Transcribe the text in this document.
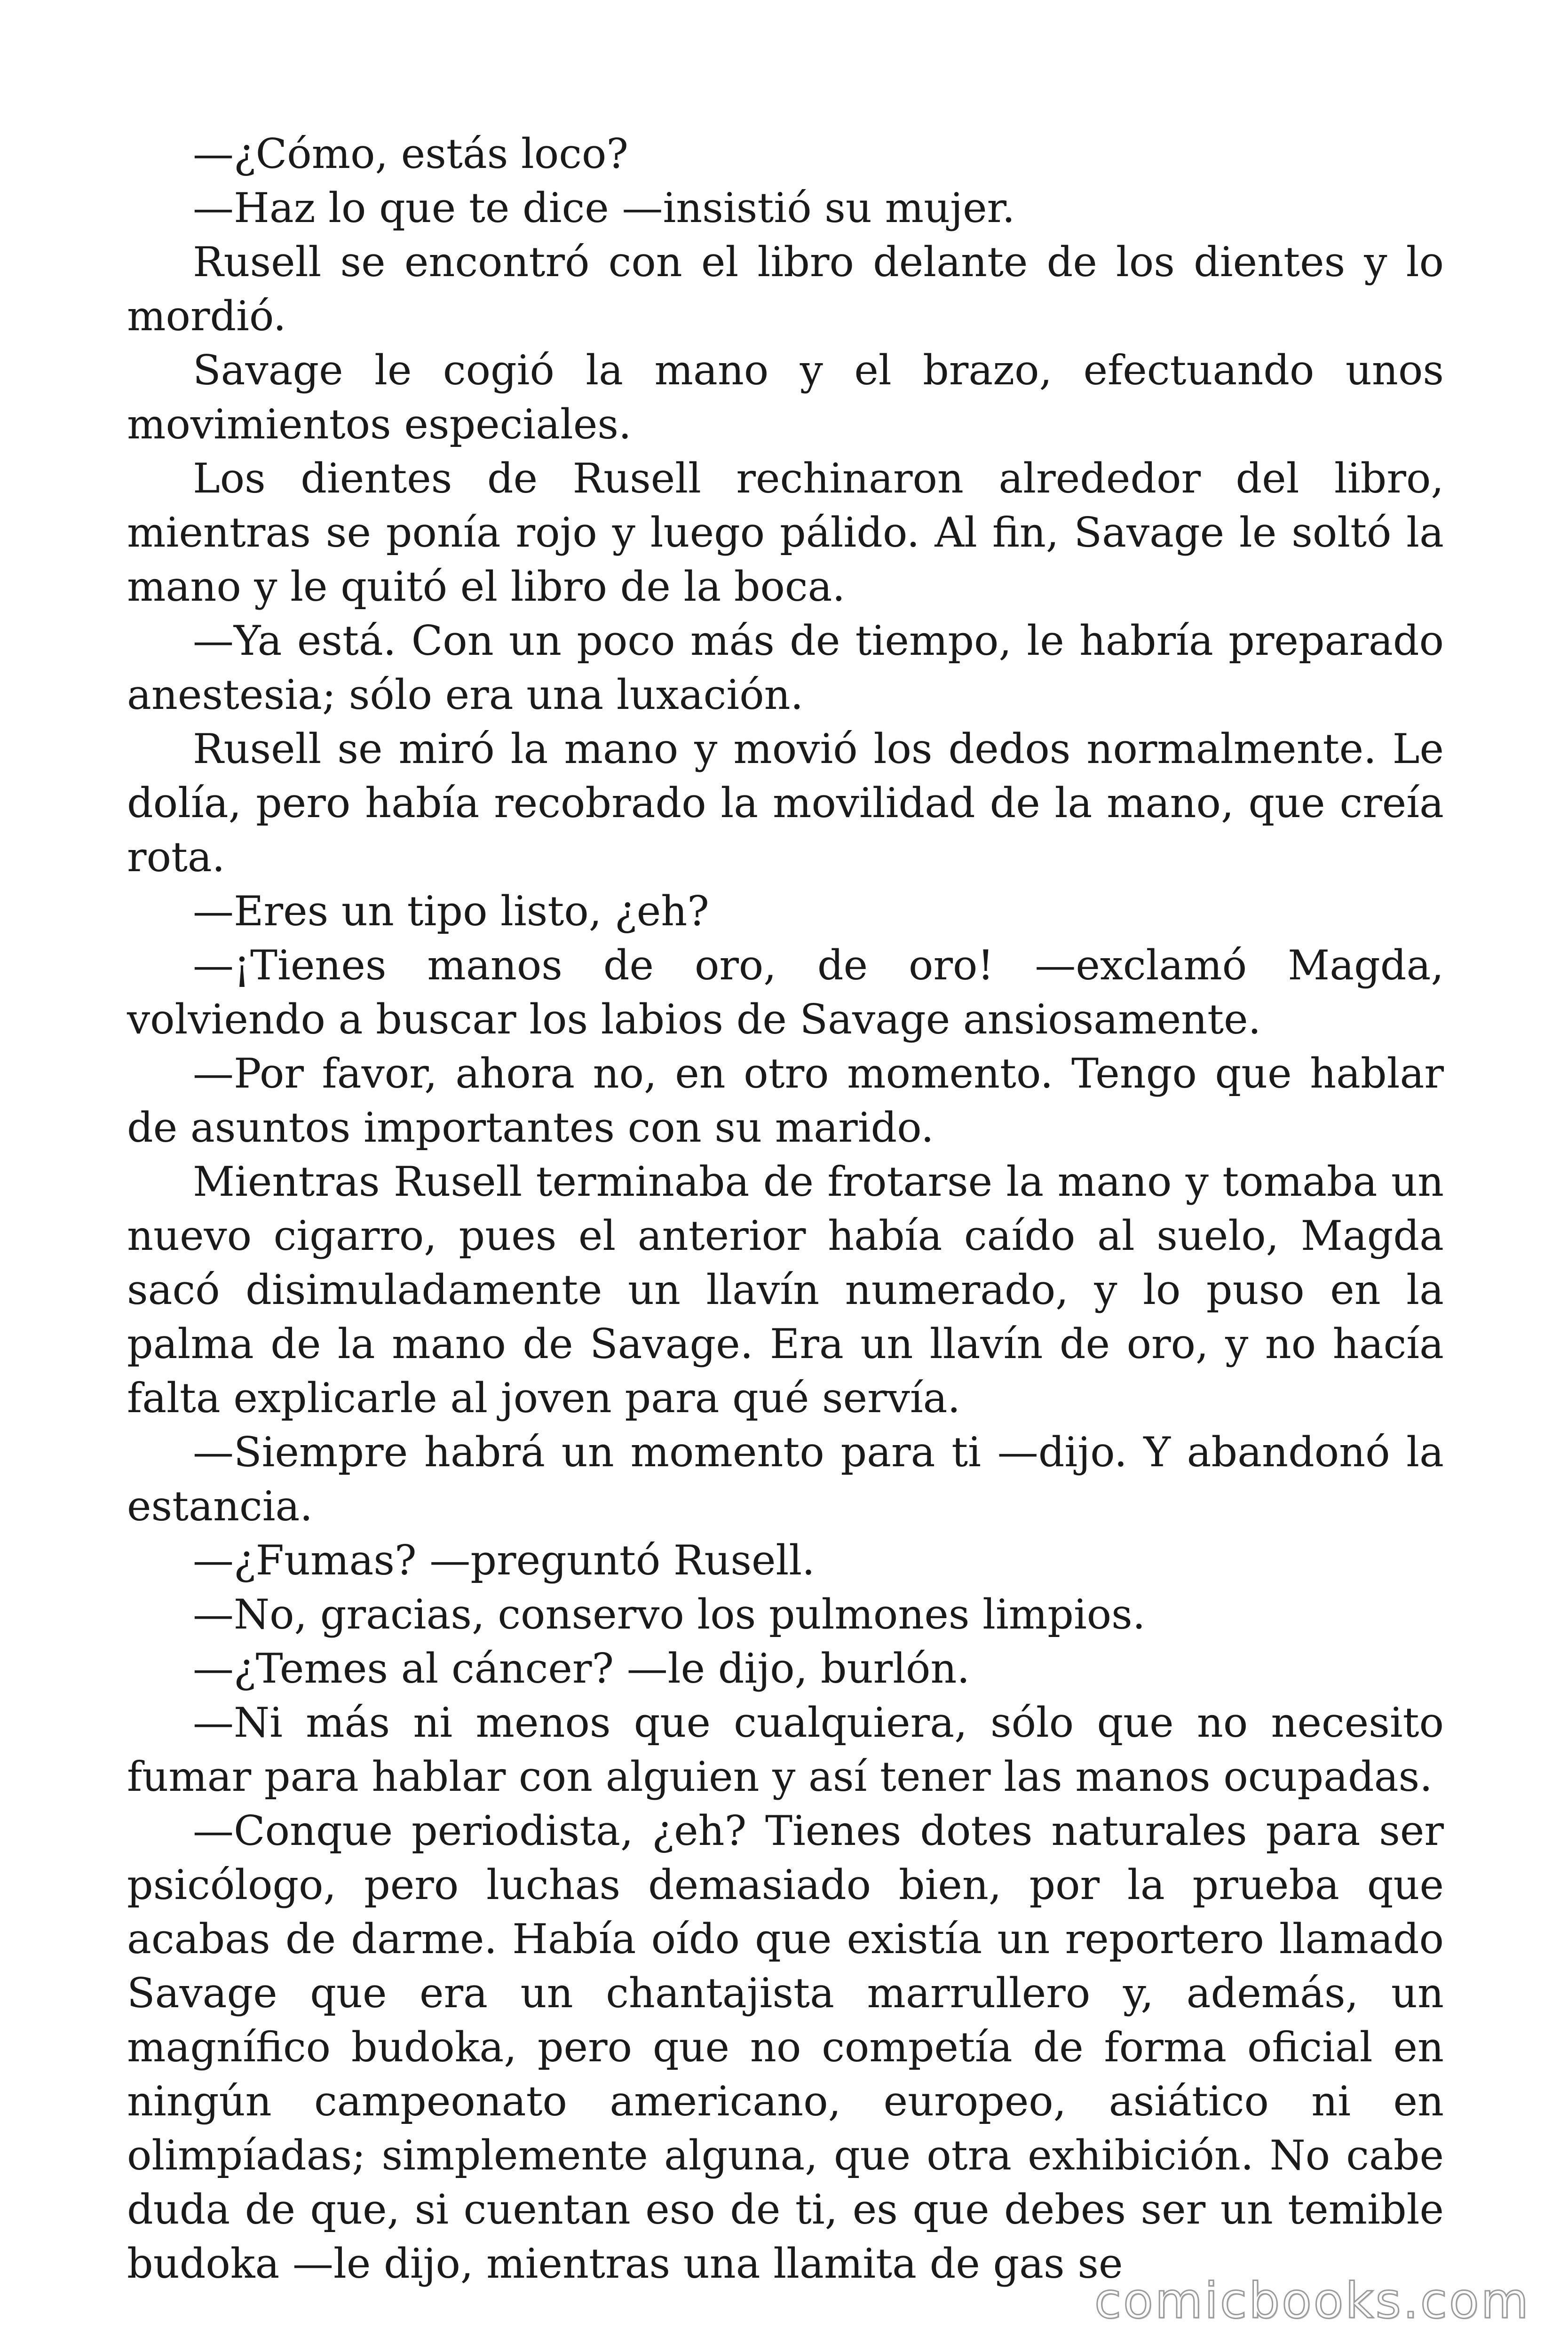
—¿Cómo, estás loco?

—Haz lo que te dice —insistió su mujer.

Rusell se encontró con el libro delante de los dientes y lo mordió.

Savage le cogió la mano y el brazo, efectuando unos movimientos especiales.

Los dientes de Rusell rechinaron alrededor del libro, mientras se ponía rojo y luego pálido. Al fin, Savage le soltó la mano y le quitó el libro de la boca.

—Ya está. Con un poco más de tiempo, le habría preparado anestesia; sólo era una luxación.

Rusell se miró la mano y movió los dedos normalmente. Le dolía, pero había recobrado la movilidad de la mano, que creía rota.

—Eres un tipo listo, ¿eh?

—¡Tienes manos de oro, de oro! —exclamó Magda, volviendo a buscar los labios de Savage ansiosamente.

—Por favor, ahora no, en otro momento. Tengo que hablar de asuntos importantes con su marido.

Mientras Rusell terminaba de frotarse la mano y tomaba un nuevo cigarro, pues el anterior había caído al suelo, Magda sacó disimuladamente un llavín numerado, y lo puso en la palma de la mano de Savage. Era un llavín de oro, y no hacía falta explicarle al joven para qué servía.

—Siempre habrá un momento para ti —dijo. Y abandonó la estancia.

—¿Fumas? —preguntó Rusell.

—No, gracias, conservo los pulmones limpios.

—¿Temes al cáncer? —le dijo, burlón.

—Ni más ni menos que cualquiera, sólo que no necesito fumar para hablar con alguien y así tener las manos ocupadas.

—Conque periodista, ¿eh? Tienes dotes naturales para ser psicólogo, pero luchas demasiado bien, por la prueba que acabas de darme. Había oído que existía un reportero llamado Savage que era un chantajista marrullero y, además, un magnífico budoka, pero que no competía de forma oficial en ningún campeonato americano, europeo, asiático ni en olimpíadas; simplemente alguna, que otra exhibición. No cabe duda de que, si cuentan eso de ti, es que debes ser un temible budoka —le dijo, mientras una llamita de gas se

comicbooks.com
